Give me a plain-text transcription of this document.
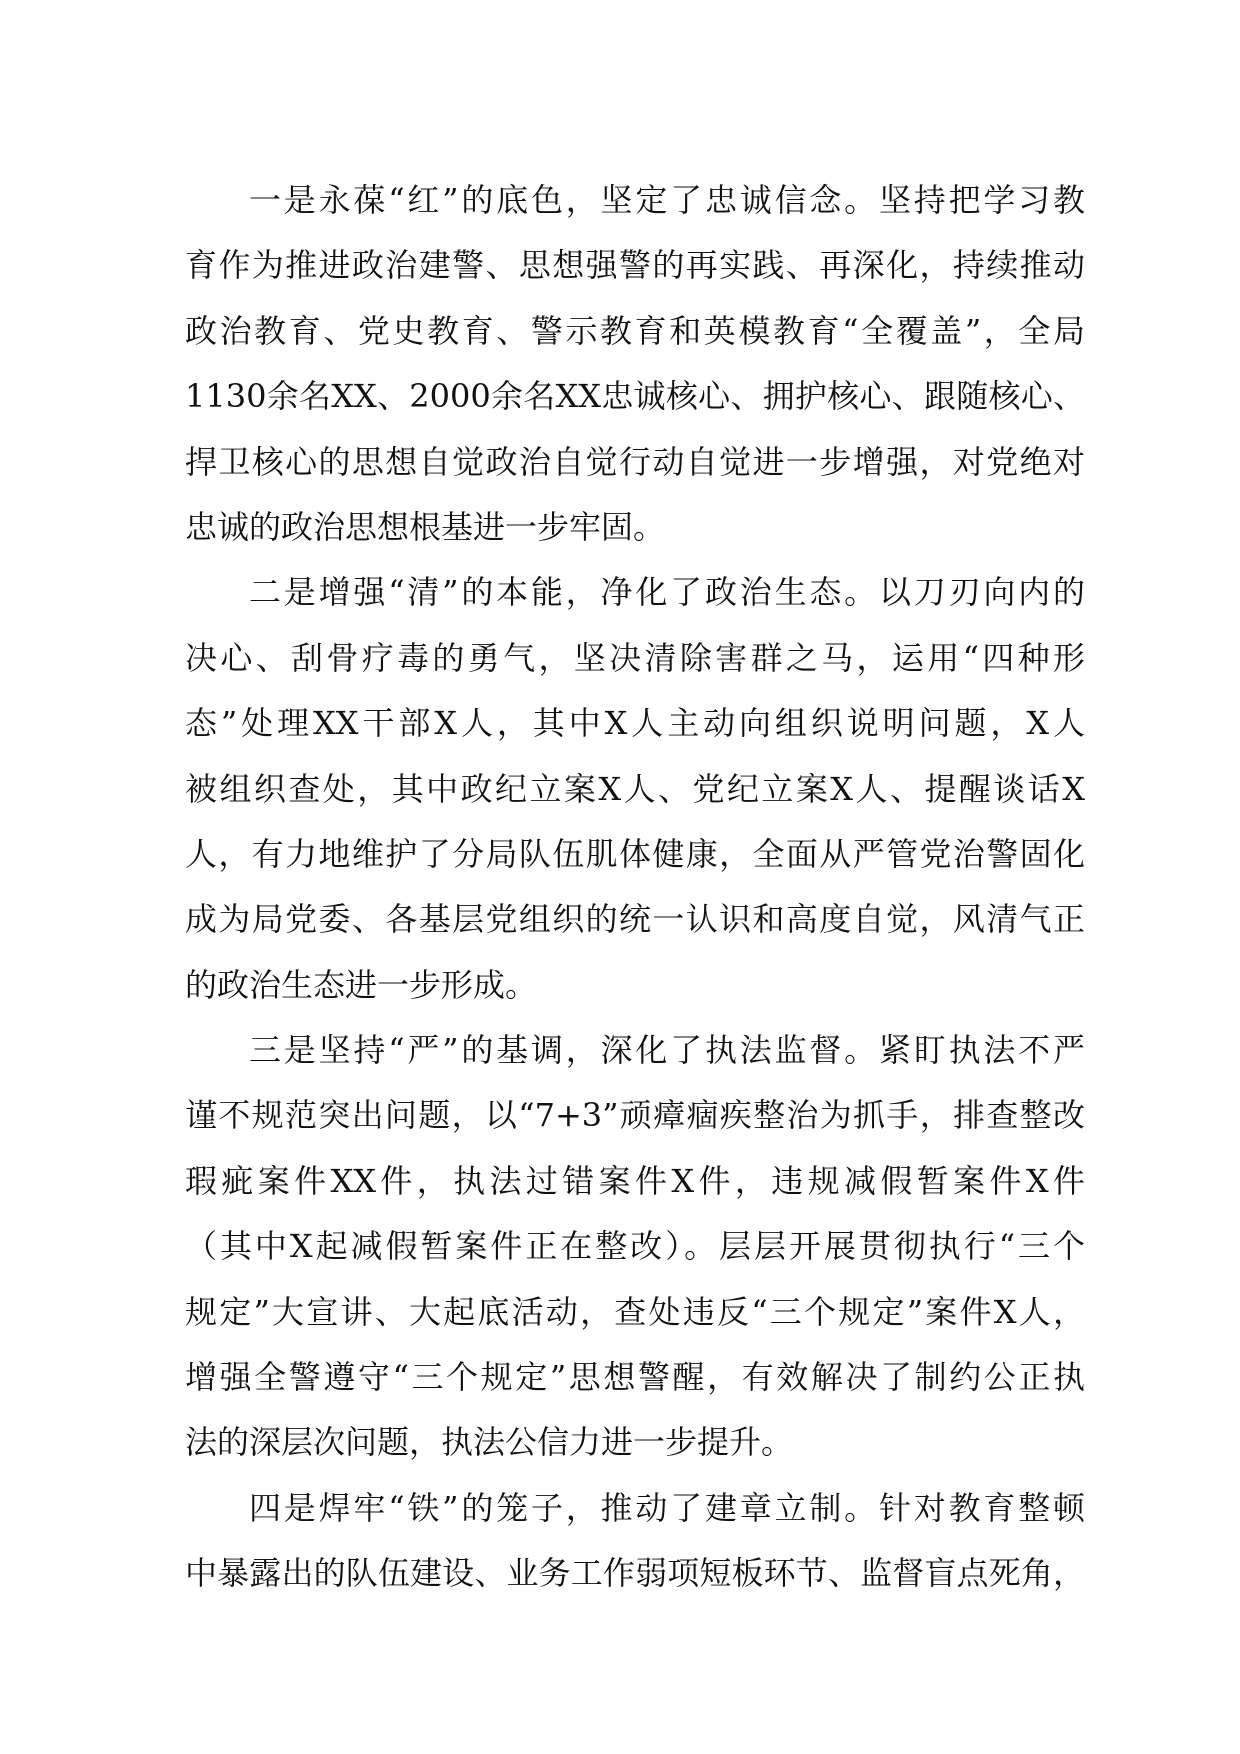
一是永葆“红”的底色，坚定了忠诚信念。坚持把学习教
育作为推进政治建警、思想强警的再实践、再深化，持续推动
政治教育、党史教育、警示教育和英模教育“全覆盖”，全局
1130余名XX、2000余名XX忠诚核心、拥护核心、跟随核心、
捍卫核心的思想自觉政治自觉行动自觉进一步增强，对党绝对
忠诚的政治思想根基进一步牢固。
二是增强“清”的本能，净化了政治生态。以刀刃向内的
决心、刮骨疗毒的勇气，坚决清除害群之马，运用“四种形
态”处理XX干部X人，其中X人主动向组织说明问题，X人
被组织查处，其中政纪立案X人、党纪立案X人、提醒谈话X
人，有力地维护了分局队伍肌体健康，全面从严管党治警固化
成为局党委、各基层党组织的统一认识和高度自觉，风清气正
的政治生态进一步形成。
三是坚持“严”的基调，深化了执法监督。紧盯执法不严
谨不规范突出问题，以“7+3”顽瘴痼疾整治为抓手，排查整改
瑕疵案件XX件，执法过错案件X件，违规减假暂案件X件
（其中X起减假暂案件正在整改）。层层开展贯彻执行“三个
规定”大宣讲、大起底活动，查处违反“三个规定”案件X人，
增强全警遵守“三个规定”思想警醒，有效解决了制约公正执
法的深层次问题，执法公信力进一步提升。
四是焊牢“铁”的笼子，推动了建章立制。针对教育整顿
中暴露出的队伍建设、业务工作弱项短板环节、监督盲点死角，
